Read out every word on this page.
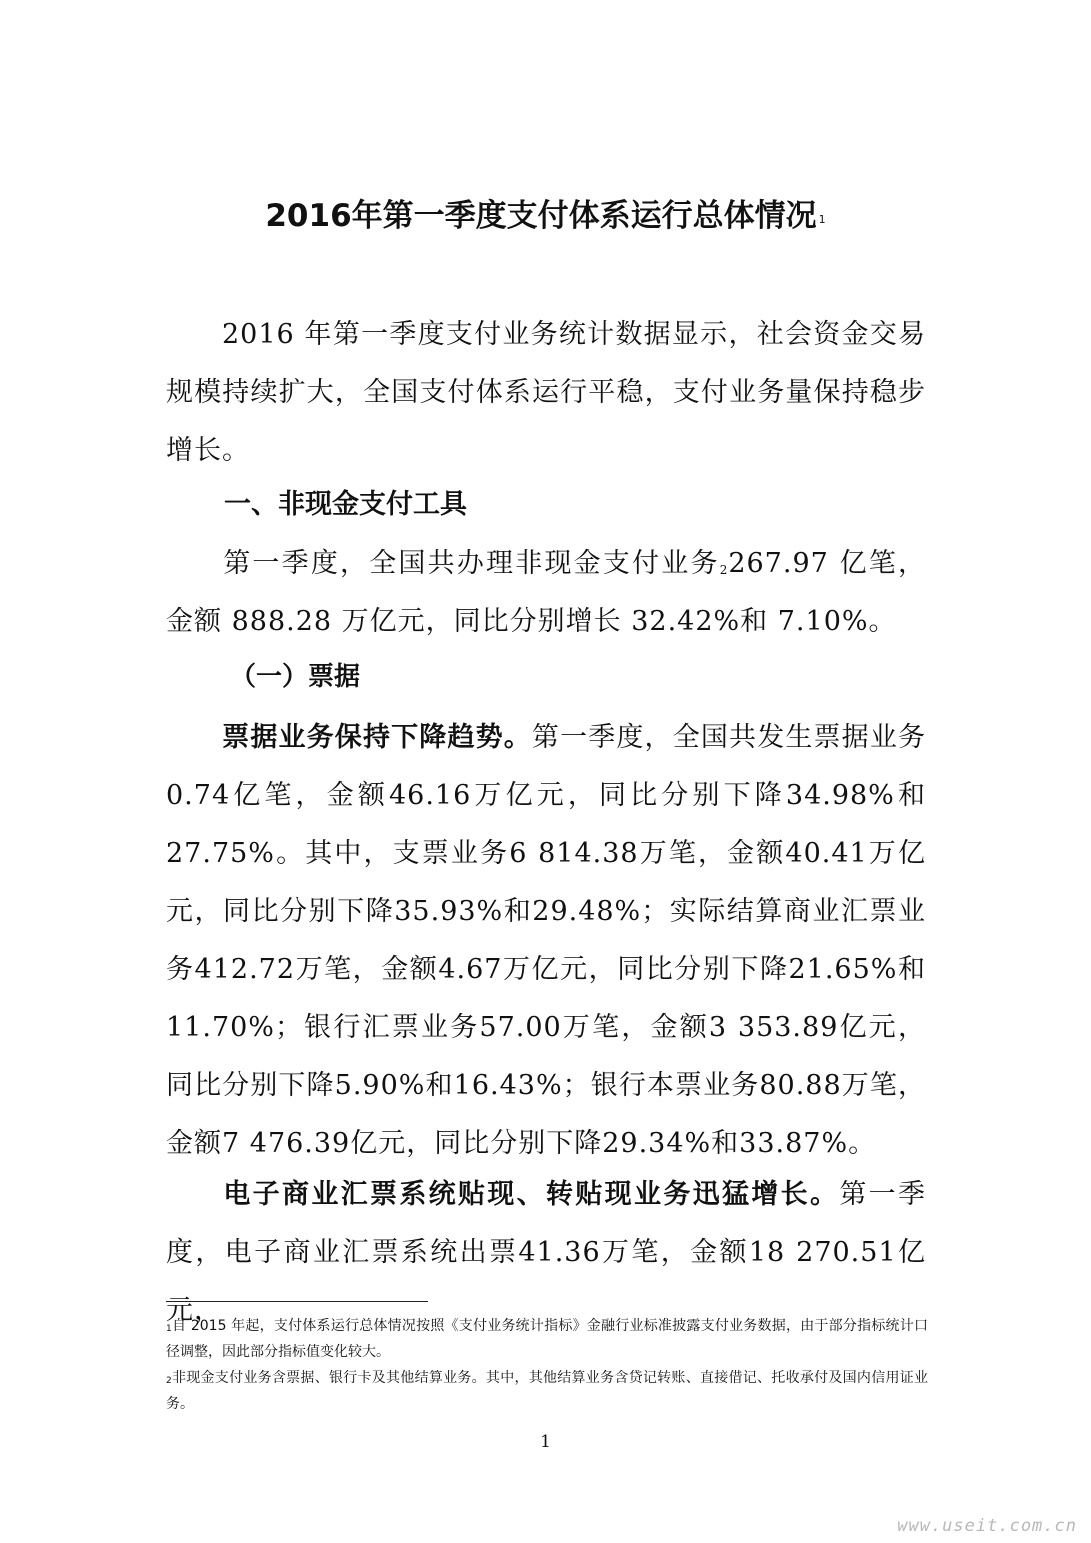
2016年第一季度支付体系运行总体情况 $^1$
2016 年第一季度支付业务统计数据显示，社会资金交易规模持续扩大，全国支付体系运行平稳，支付业务量保持稳步增长。
一、非现金支付工具
第一季度，全国共办理非现金支付业务$^2$267.97 亿笔，金额 888.28 万亿元，同比分别增长 32.42%和 7.10%。
（一）票据
票据业务保持下降趋势。第一季度，全国共发生票据业务0.74亿笔，金额46.16万亿元，同比分别下降34.98%和27.75%。其中，支票业务6 814.38万笔，金额40.41万亿元，同比分别下降35.93%和29.48%；实际结算商业汇票业务412.72万笔，金额4.67万亿元，同比分别下降21.65%和11.70%；银行汇票业务57.00万笔，金额3 353.89亿元，同比分别下降5.90%和16.43%；银行本票业务80.88万笔，金额7 476.39亿元，同比分别下降29.34%和33.87%。
电子商业汇票系统贴现、转贴现业务迅猛增长。第一季度，电子商业汇票系统出票41.36万笔，金额18 270.51亿元，
$^1$自 2015 年起，支付体系运行总体情况按照《支付业务统计指标》金融行业标准披露支付业务数据，由于部分指标统计口径调整，因此部分指标值变化较大。
$^2$非现金支付业务含票据、银行卡及其他结算业务。其中，其他结算业务含贷记转账、直接借记、托收承付及国内信用证业务。
1
www.useit.com.cn
